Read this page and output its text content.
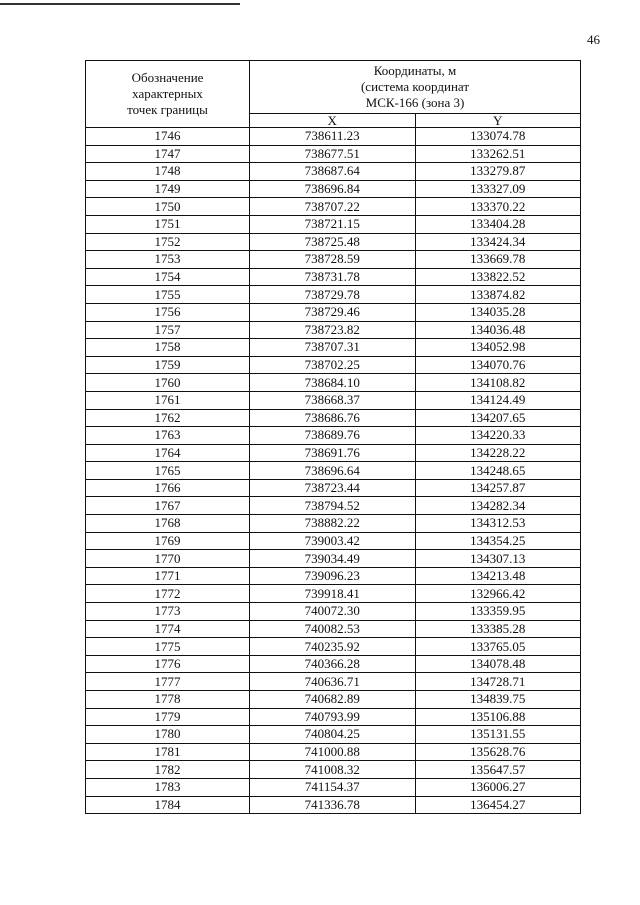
46
Обозначение
характерных
точек границы	Координаты, м
(система координат
МСК-166 (зона 3)	

	X	Y
1746	738611.23	133074.78
1747	738677.51	133262.51
1748	738687.64	133279.87
1749	738696.84	133327.09
1750	738707.22	133370.22
1751	738721.15	133404.28
1752	738725.48	133424.34
1753	738728.59	133669.78
1754	738731.78	133822.52
1755	738729.78	133874.82
1756	738729.46	134035.28
1757	738723.82	134036.48
1758	738707.31	134052.98
1759	738702.25	134070.76
1760	738684.10	134108.82
1761	738668.37	134124.49
1762	738686.76	134207.65
1763	738689.76	134220.33
1764	738691.76	134228.22
1765	738696.64	134248.65
1766	738723.44	134257.87
1767	738794.52	134282.34
1768	738882.22	134312.53
1769	739003.42	134354.25
1770	739034.49	134307.13
1771	739096.23	134213.48
1772	739918.41	132966.42
1773	740072.30	133359.95
1774	740082.53	133385.28
1775	740235.92	133765.05
1776	740366.28	134078.48
1777	740636.71	134728.71
1778	740682.89	134839.75
1779	740793.99	135106.88
1780	740804.25	135131.55
1781	741000.88	135628.76
1782	741008.32	135647.57
1783	741154.37	136006.27
1784	741336.78	136454.27
